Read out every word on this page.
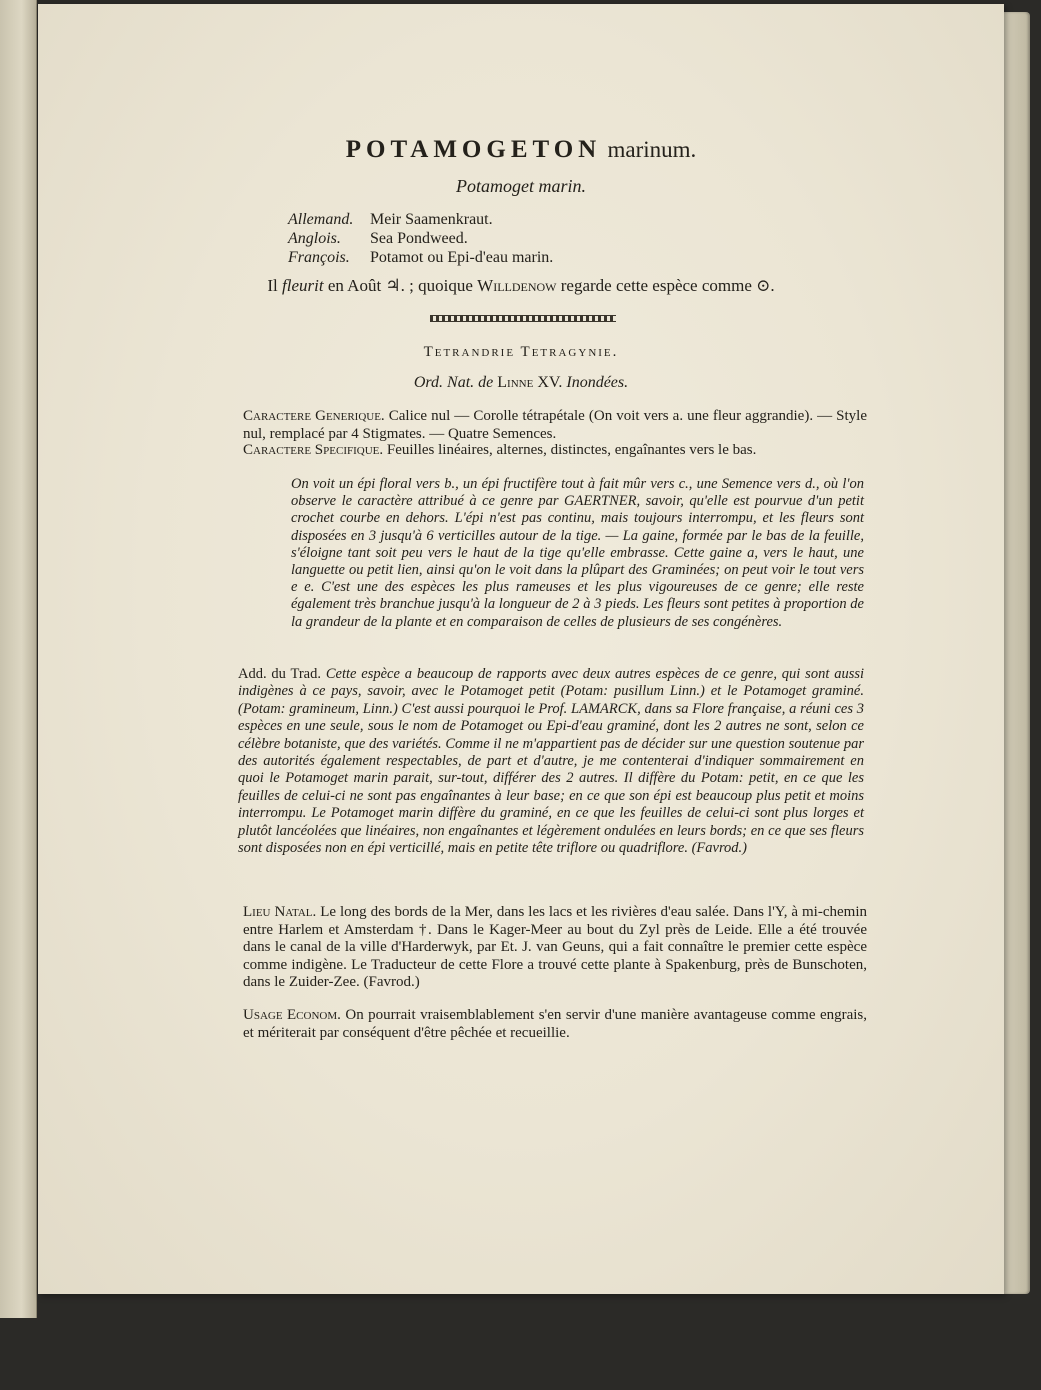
POTAMOGETON marinum.
Potamoget marin.
Allemand. Meir Saamenkraut.
Anglois. Sea Pondweed.
François. Potamot ou Epi-d'eau marin.
Il fleurit en Août ♃. ; quoique Willdenow regarde cette espèce comme ⊙.
Tetrandrie Tetragynie.
Ord. Nat. de Linne XV. Inondées.
Caractere Generique. Calice nul — Corolle tétrapétale (On voit vers a. une fleur aggrandie). — Style nul, remplacé par 4 Stigmates. — Quatre Semences.
Caractere Specifique. Feuilles linéaires, alternes, distinctes, engaînantes vers le bas.
On voit un épi floral vers b., un épi fructifère tout à fait mûr vers c., une Semence vers d., où l'on observe le caractère attribué à ce genre par GAERTNER, savoir, qu'elle est pourvue d'un petit crochet courbe en dehors. L'épi n'est pas continu, mais toujours interrompu, et les fleurs sont disposées en 3 jusqu'à 6 verticilles autour de la tige. — La gaine, formée par le bas de la feuille, s'éloigne tant soit peu vers le haut de la tige qu'elle embrasse. Cette gaine a, vers le haut, une languette ou petit lien, ainsi qu'on le voit dans la plûpart des Graminées; on peut voir le tout vers e e. C'est une des espèces les plus rameuses et les plus vigoureuses de ce genre; elle reste également très branchue jusqu'à la longueur de 2 à 3 pieds. Les fleurs sont petites à proportion de la grandeur de la plante et en comparaison de celles de plusieurs de ses congénères.
Add. du Trad. Cette espèce a beaucoup de rapports avec deux autres espèces de ce genre, qui sont aussi indigènes à ce pays, savoir, avec le Potamoget petit (Potam: pusillum Linn.) et le Potamoget graminé. (Potam: gramineum, Linn.) C'est aussi pourquoi le Prof. LAMARCK, dans sa Flore française, a réuni ces 3 espèces en une seule, sous le nom de Potamoget ou Epi-d'eau graminé, dont les 2 autres ne sont, selon ce célèbre botaniste, que des variétés. Comme il ne m'appartient pas de décider sur une question soutenue par des autorités également respectables, de part et d'autre, je me contenterai d'indiquer sommairement en quoi le Potamoget marin parait, sur-tout, différer des 2 autres. Il diffère du Potam: petit, en ce que les feuilles de celui-ci ne sont pas engaînantes à leur base; en ce que son épi est beaucoup plus petit et moins interrompu. Le Potamoget marin diffère du graminé, en ce que les feuilles de celui-ci sont plus lorges et plutôt lancéolées que linéaires, non engaînantes et légèrement ondulées en leurs bords; en ce que ses fleurs sont disposées non en épi verticillé, mais en petite tête triflore ou quadriflore. (Favrod.)
Lieu Natal. Le long des bords de la Mer, dans les lacs et les rivières d'eau salée. Dans l'Y, à mi-chemin entre Harlem et Amsterdam †. Dans le Kager-Meer au bout du Zyl près de Leide. Elle a été trouvée dans le canal de la ville d'Harderwyk, par Et. J. van Geuns, qui a fait connaître le premier cette espèce comme indigène. Le Traducteur de cette Flore a trouvé cette plante à Spakenburg, près de Bunschoten, dans le Zuider-Zee. (Favrod.)
Usage Econom. On pourrait vraisemblablement s'en servir d'une manière avantageuse comme engrais, et mériterait par conséquent d'être pêchée et recueillie.
